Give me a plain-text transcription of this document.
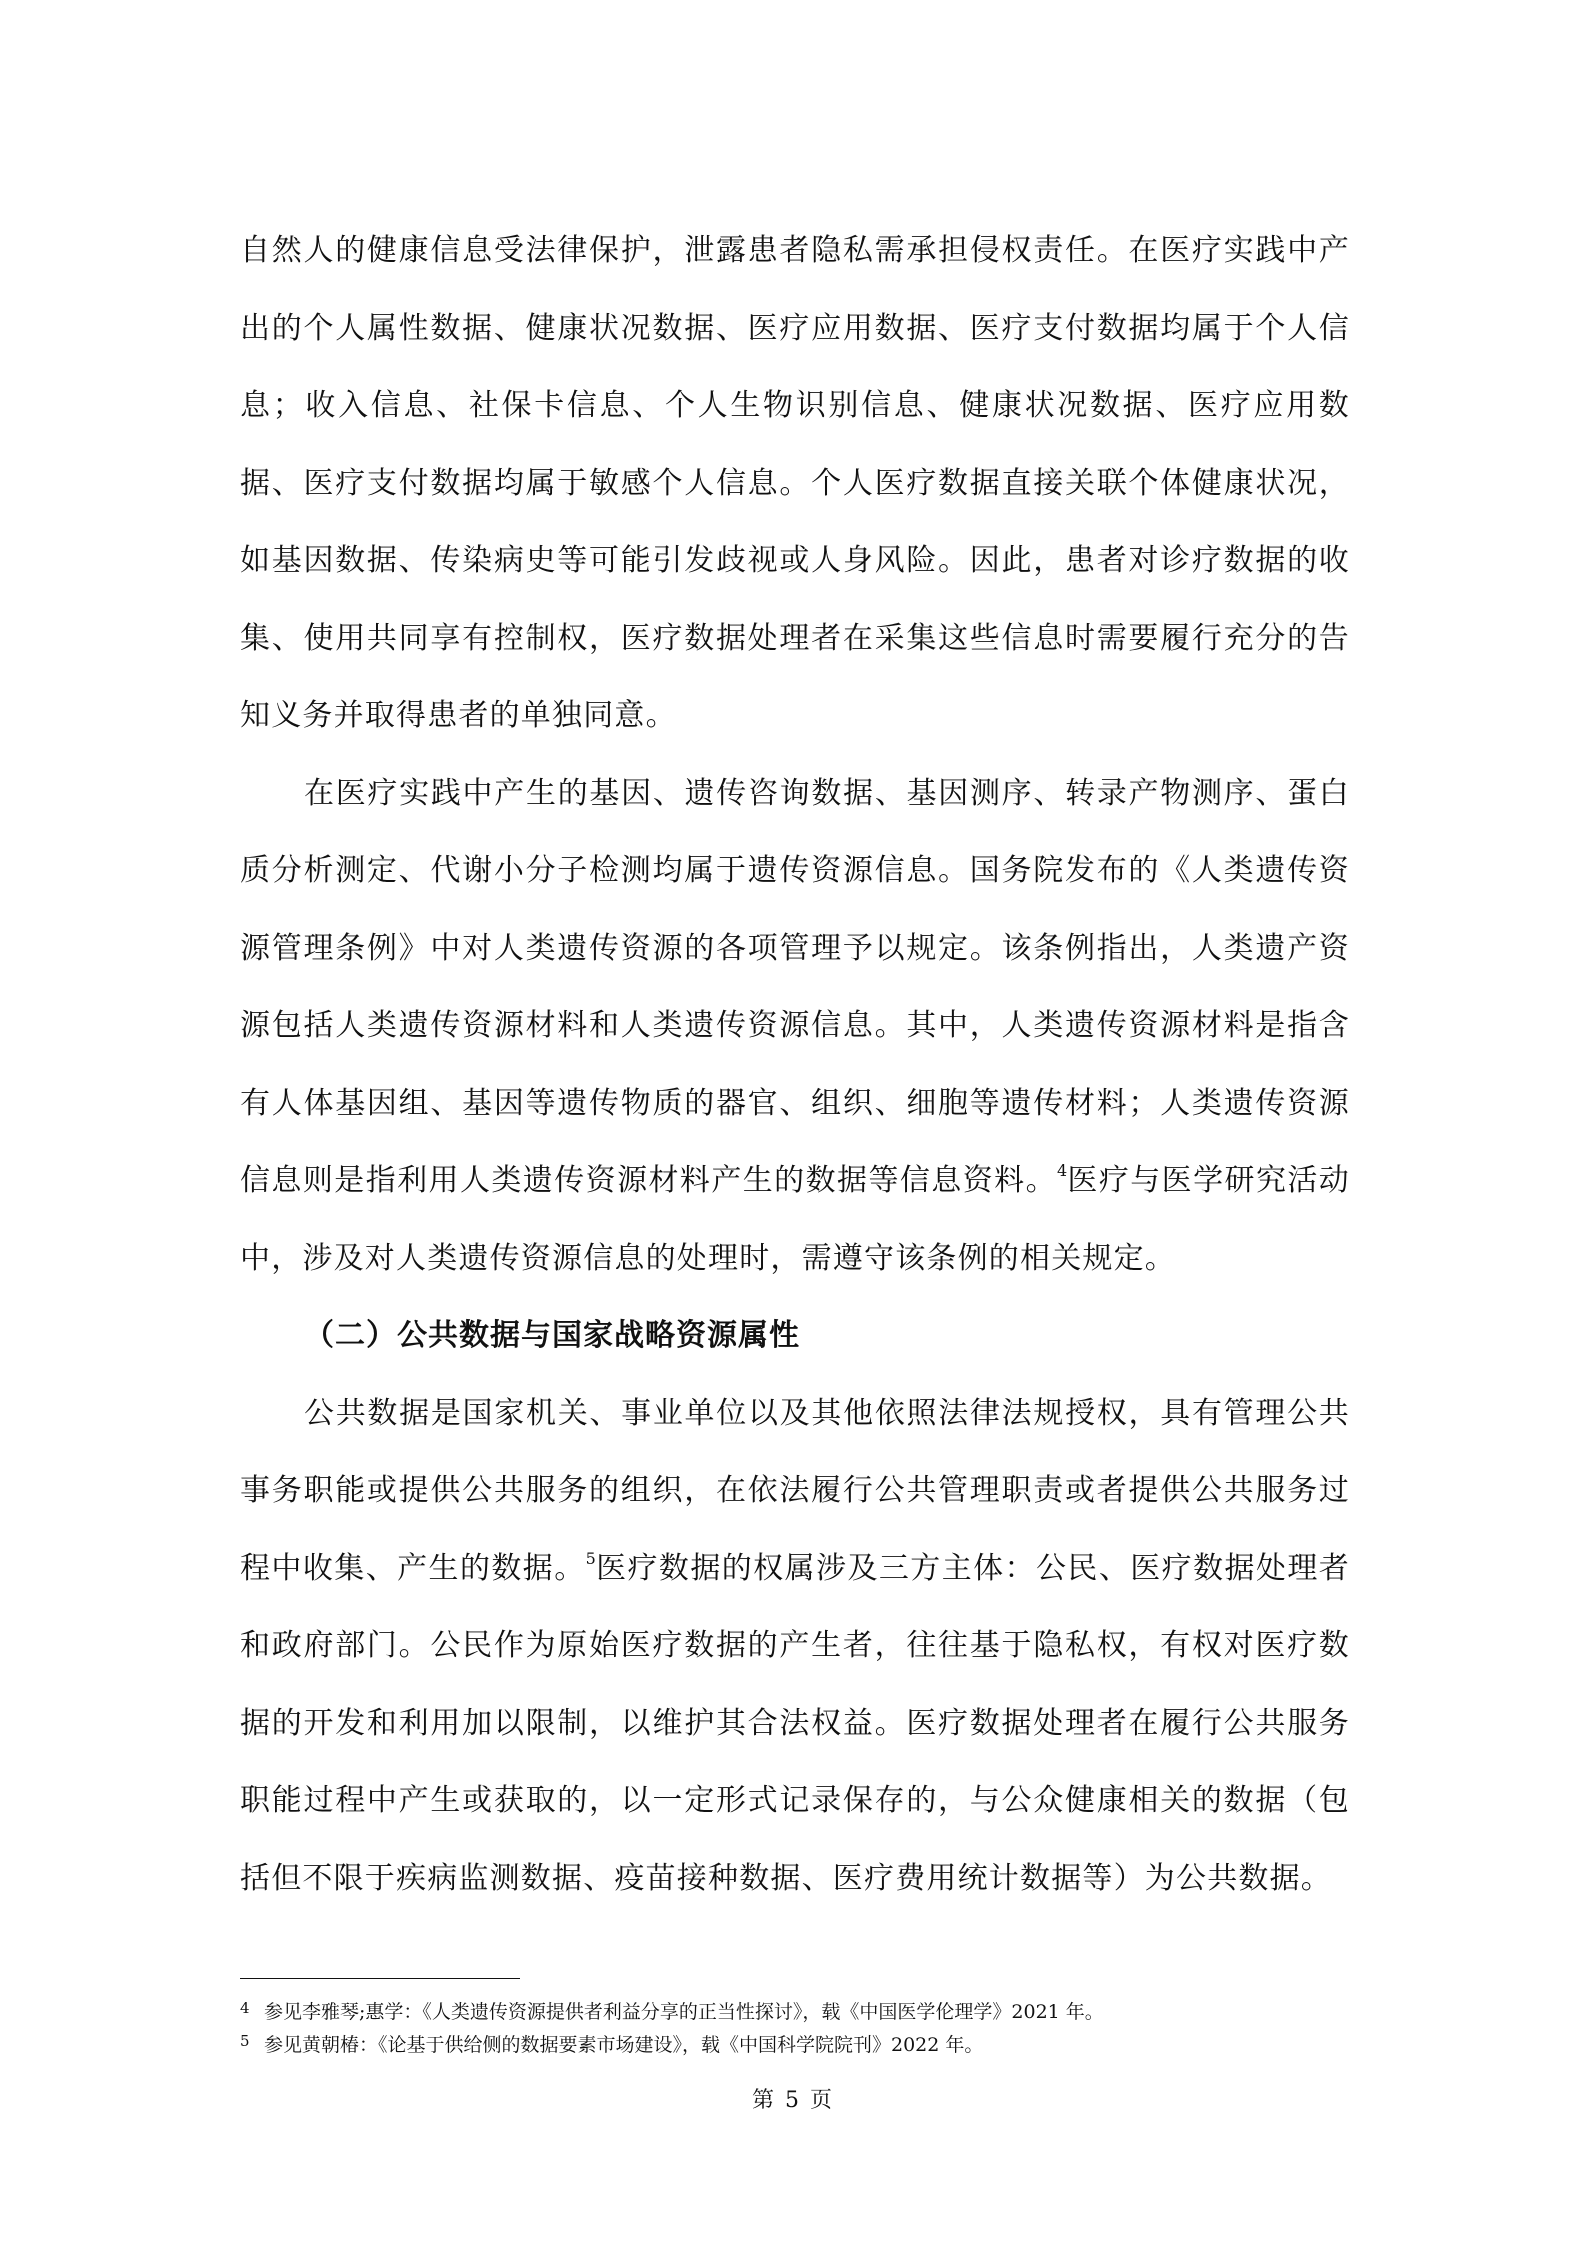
自然人的健康信息受法律保护，泄露患者隐私需承担侵权责任。在医疗实践中产出的个人属性数据、健康状况数据、医疗应用数据、医疗支付数据均属于个人信息；收入信息、社保卡信息、个人生物识别信息、健康状况数据、医疗应用数据、医疗支付数据均属于敏感个人信息。个人医疗数据直接关联个体健康状况，如基因数据、传染病史等可能引发歧视或人身风险。因此，患者对诊疗数据的收集、使用共同享有控制权，医疗数据处理者在采集这些信息时需要履行充分的告知义务并取得患者的单独同意。

在医疗实践中产生的基因、遗传咨询数据、基因测序、转录产物测序、蛋白质分析测定、代谢小分子检测均属于遗传资源信息。国务院发布的《人类遗传资源管理条例》中对人类遗传资源的各项管理予以规定。该条例指出，人类遗产资源包括人类遗传资源材料和人类遗传资源信息。其中，人类遗传资源材料是指含有人体基因组、基因等遗传物质的器官、组织、细胞等遗传材料；人类遗传资源信息则是指利用人类遗传资源材料产生的数据等信息资料。$^4$医疗与医学研究活动中，涉及对人类遗传资源信息的处理时，需遵守该条例的相关规定。

（二）公共数据与国家战略资源属性

公共数据是国家机关、事业单位以及其他依照法律法规授权，具有管理公共事务职能或提供公共服务的组织，在依法履行公共管理职责或者提供公共服务过程中收集、产生的数据。$^5$医疗数据的权属涉及三方主体：公民、医疗数据处理者和政府部门。公民作为原始医疗数据的产生者，往往基于隐私权，有权对医疗数据的开发和利用加以限制，以维护其合法权益。医疗数据处理者在履行公共服务职能过程中产生或获取的，以一定形式记录保存的，与公众健康相关的数据（包括但不限于疾病监测数据、疫苗接种数据、医疗费用统计数据等）为公共数据。

4 参见李雅琴;惠学：《人类遗传资源提供者利益分享的正当性探讨》，载《中国医学伦理学》2021 年。

5 参见黄朝椿：《论基于供给侧的数据要素市场建设》，载《中国科学院院刊》2022 年。

第 5 页
